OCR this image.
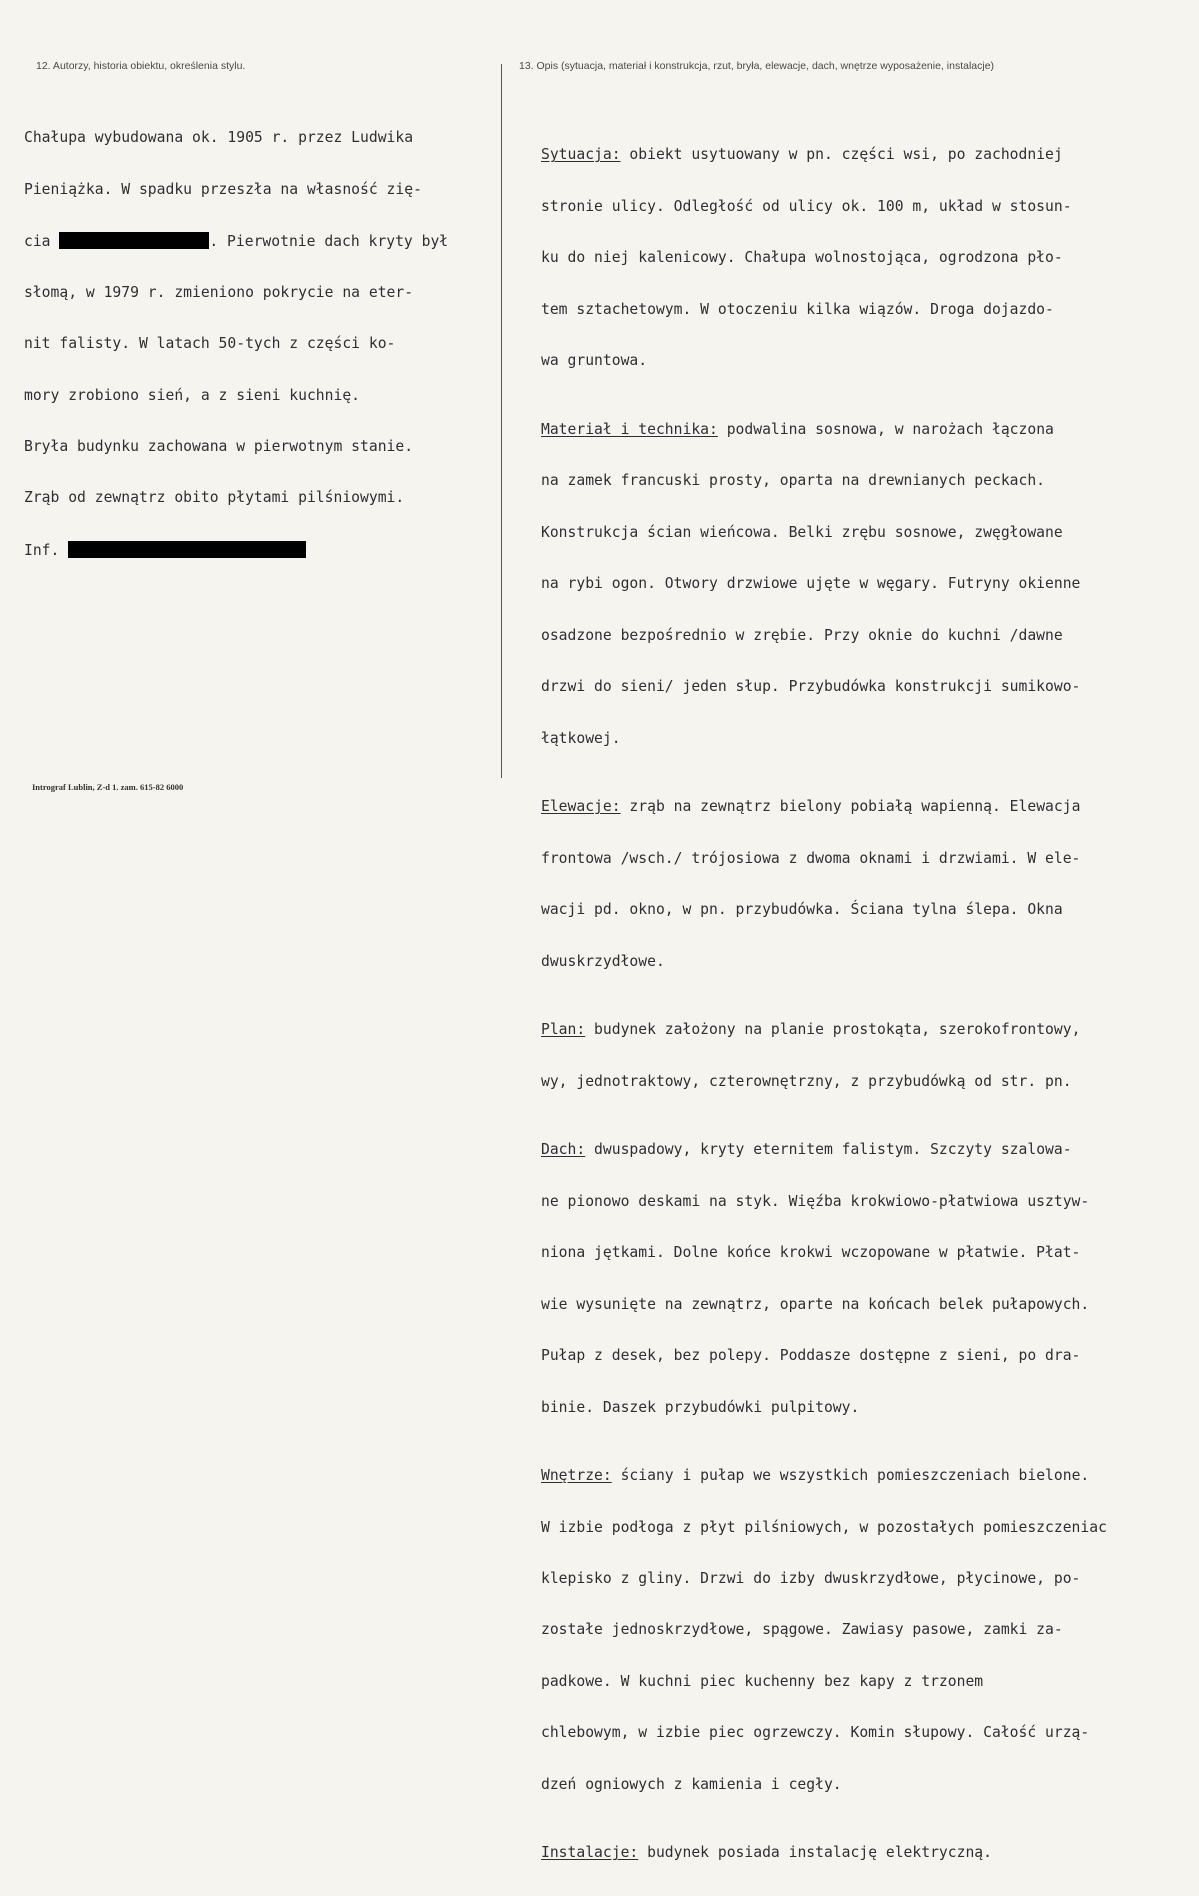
12. Autorzy, historia obiektu, określenia stylu.	13. Opis (sytuacja, materiał i konstrukcja, rzut, bryła, elewacje, dach, wnętrze wyposażenie, instalacje)

Chałupa wybudowana ok. 1905 r. przez Ludwika

Pieniążka. W spadku przeszła na własność zię-

cia	. Pierwotnie dach kryty był

słomą, w 1979 r. zmieniono pokrycie na eter-

nit falisty. W latach 50-tych z części ko-

mory zrobiono sień, a z sieni kuchnię.

Bryła budynku zachowana w pierwotnym stanie.

Zrąb od zewnątrz obito płytami pilśniowymi.

Inf.

Sytuacja: obiekt usytuowany w pn. części wsi, po zachodniej

stronie ulicy. Odległość od ulicy ok. 100 m, układ w stosun-

ku do niej kalenicowy. Chałupa wolnostojąca, ogrodzona pło-

tem sztachetowym. W otoczeniu kilka wiązów. Droga dojazdo-

wa gruntowa.

Materiał i technika: podwalina sosnowa, w narożach łączona

na zamek francuski prosty, oparta na drewnianych peckach.

Konstrukcja ścian wieńcowa. Belki zrębu sosnowe, zwęgłowane

na rybi ogon. Otwory drzwiowe ujęte w węgary. Futryny okienne

osadzone bezpośrednio w zrębie. Przy oknie do kuchni /dawne

drzwi do sieni/ jeden słup. Przybudówka konstrukcji sumikowo-

łątkowej.

Elewacje: zrąb na zewnątrz bielony pobiałą wapienną. Elewacja

frontowa /wsch./ trójosiowa z dwoma oknami i drzwiami. W ele-

wacji pd. okno, w pn. przybudówka. Ściana tylna ślepa. Okna

dwuskrzydłowe.

Plan: budynek założony na planie prostokąta, szerokofrontowy,

wy, jednotraktowy, czterownętrzny, z przybudówką od str. pn.

Dach: dwuspadowy, kryty eternitem falistym. Szczyty szalowa-

ne pionowo deskami na styk. Więźba krokwiowo-płatwiowa usztyw-

niona jętkami. Dolne końce krokwi wczopowane w płatwie. Płat-

wie wysunięte na zewnątrz, oparte na końcach belek pułapowych.

Pułap z desek, bez polepy. Poddasze dostępne z sieni, po dra-

binie. Daszek przybudówki pulpitowy.

Wnętrze: ściany i pułap we wszystkich pomieszczeniach bielone.

W izbie podłoga z płyt pilśniowych, w pozostałych pomieszczeniac

klepisko z gliny. Drzwi do izby dwuskrzydłowe, płycinowe, po-

zostałe jednoskrzydłowe, spągowe. Zawiasy pasowe, zamki za-

padkowe. W kuchni piec kuchenny bez kapy z trzonem

chlebowym, w izbie piec ogrzewczy. Komin słupowy. Całość urzą-

dzeń ogniowych z kamienia i cegły.

Instalacje: budynek posiada instalację elektryczną.

Intrograf Lublin, Z-d 1. zam. 615-82 6000
